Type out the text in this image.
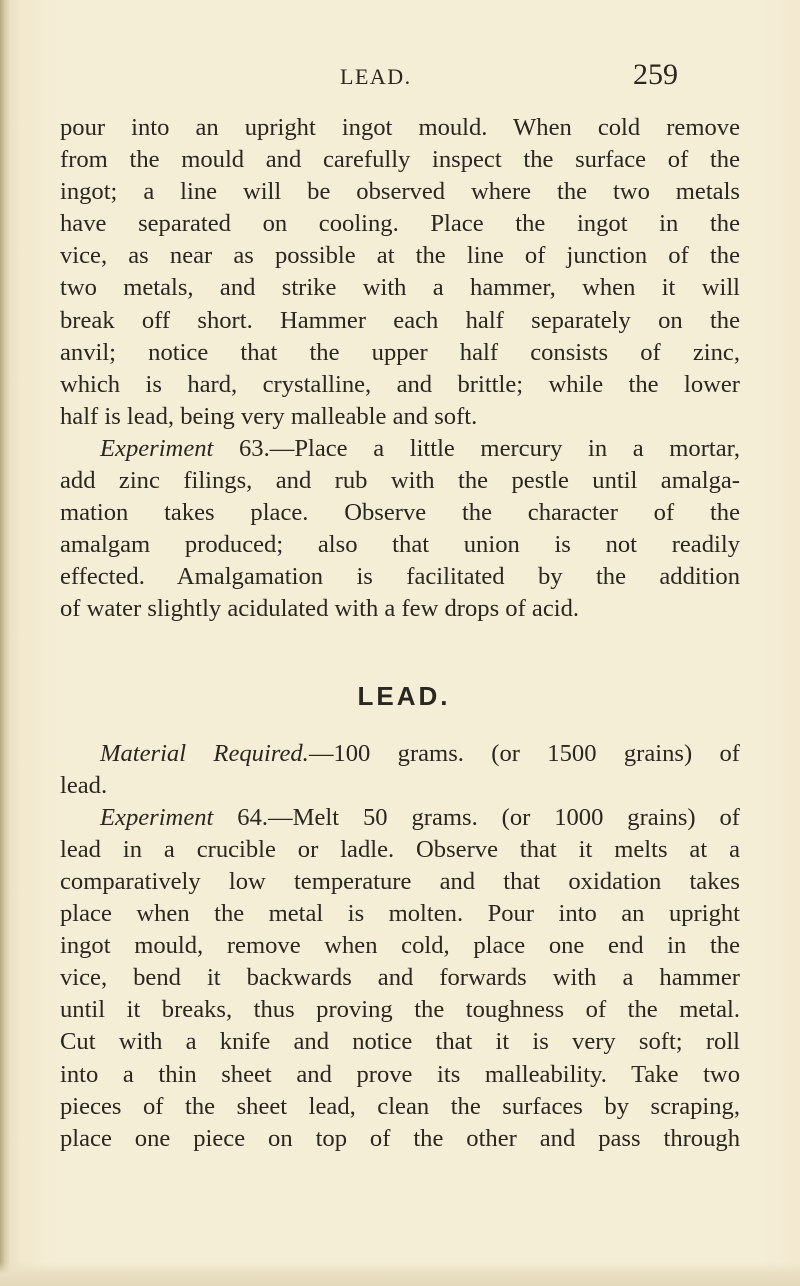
LEAD.	259
pour into an upright ingot mould. When cold remove
from the mould and carefully inspect the surface of the
ingot; a line will be observed where the two metals
have separated on cooling. Place the ingot in the
vice, as near as possible at the line of junction of the
two metals, and strike with a hammer, when it will
break off short. Hammer each half separately on the
anvil; notice that the upper half consists of zinc,
which is hard, crystalline, and brittle; while the lower
half is lead, being very malleable and soft.
Experiment 63.—Place a little mercury in a mortar,
add zinc filings, and rub with the pestle until amalga-
mation takes place. Observe the character of the
amalgam produced; also that union is not readily
effected. Amalgamation is facilitated by the addition
of water slightly acidulated with a few drops of acid.
LEAD.
Material Required.—100 grams. (or 1500 grains) of
lead.
Experiment 64.—Melt 50 grams. (or 1000 grains) of
lead in a crucible or ladle. Observe that it melts at a
comparatively low temperature and that oxidation takes
place when the metal is molten. Pour into an upright
ingot mould, remove when cold, place one end in the
vice, bend it backwards and forwards with a hammer
until it breaks, thus proving the toughness of the metal.
Cut with a knife and notice that it is very soft; roll
into a thin sheet and prove its malleability. Take two
pieces of the sheet lead, clean the surfaces by scraping,
place one piece on top of the other and pass through
